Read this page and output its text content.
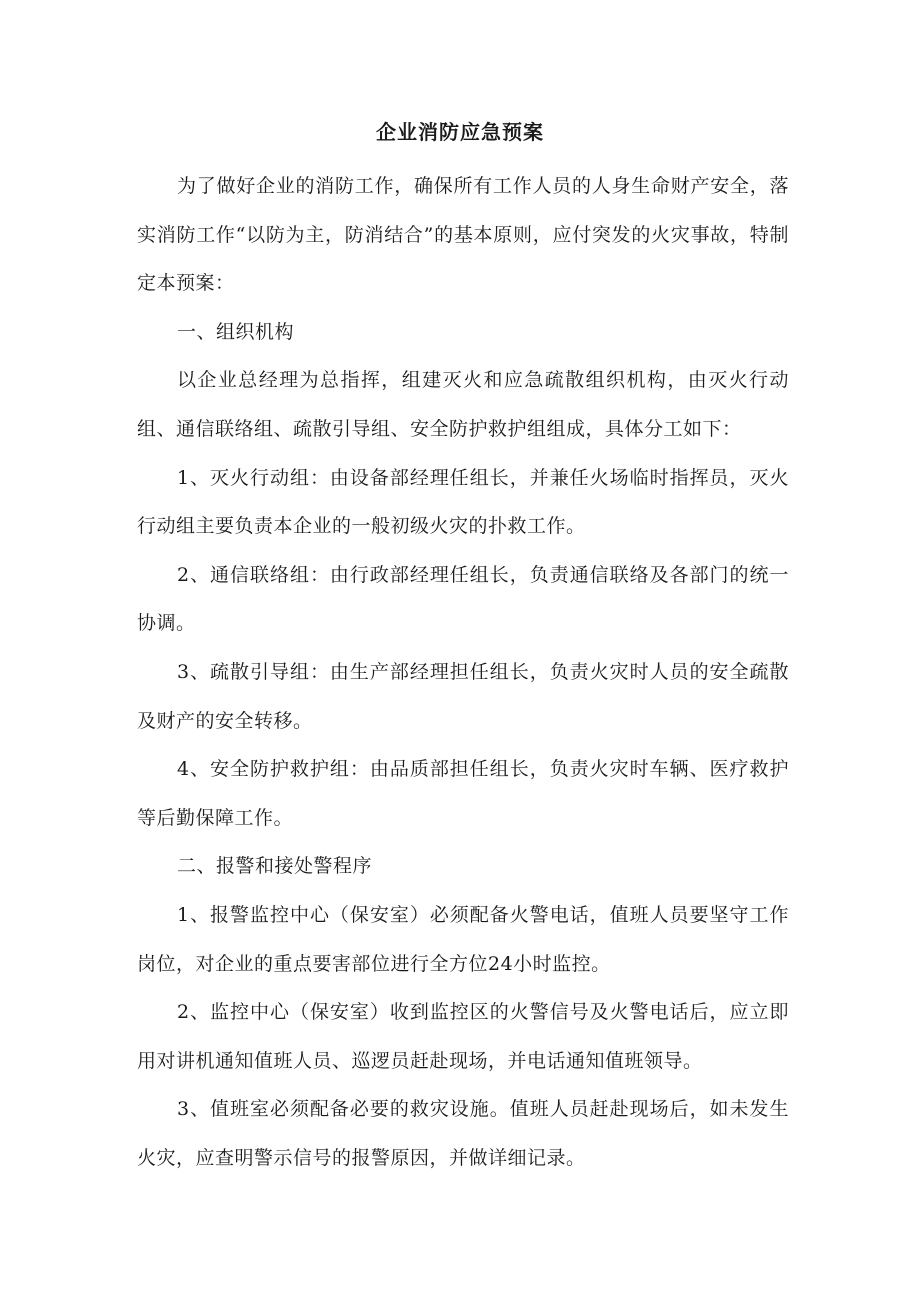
企业消防应急预案

为了做好企业的消防工作，确保所有工作人员的人身生命财产安全，落实消防工作“以防为主，防消结合”的基本原则，应付突发的火灾事故，特制定本预案：

一、组织机构

以企业总经理为总指挥，组建灭火和应急疏散组织机构，由灭火行动组、通信联络组、疏散引导组、安全防护救护组组成，具体分工如下：

1、灭火行动组：由设备部经理任组长，并兼任火场临时指挥员，灭火行动组主要负责本企业的一般初级火灾的扑救工作。

2、通信联络组：由行政部经理任组长，负责通信联络及各部门的统一协调。

3、疏散引导组：由生产部经理担任组长，负责火灾时人员的安全疏散及财产的安全转移。

4、安全防护救护组：由品质部担任组长，负责火灾时车辆、医疗救护等后勤保障工作。

二、报警和接处警程序

1、报警监控中心（保安室）必须配备火警电话，值班人员要坚守工作岗位，对企业的重点要害部位进行全方位24小时监控。

2、监控中心（保安室）收到监控区的火警信号及火警电话后，应立即用对讲机通知值班人员、巡逻员赶赴现场，并电话通知值班领导。

3、值班室必须配备必要的救灾设施。值班人员赶赴现场后，如未发生火灾，应查明警示信号的报警原因，并做详细记录。
